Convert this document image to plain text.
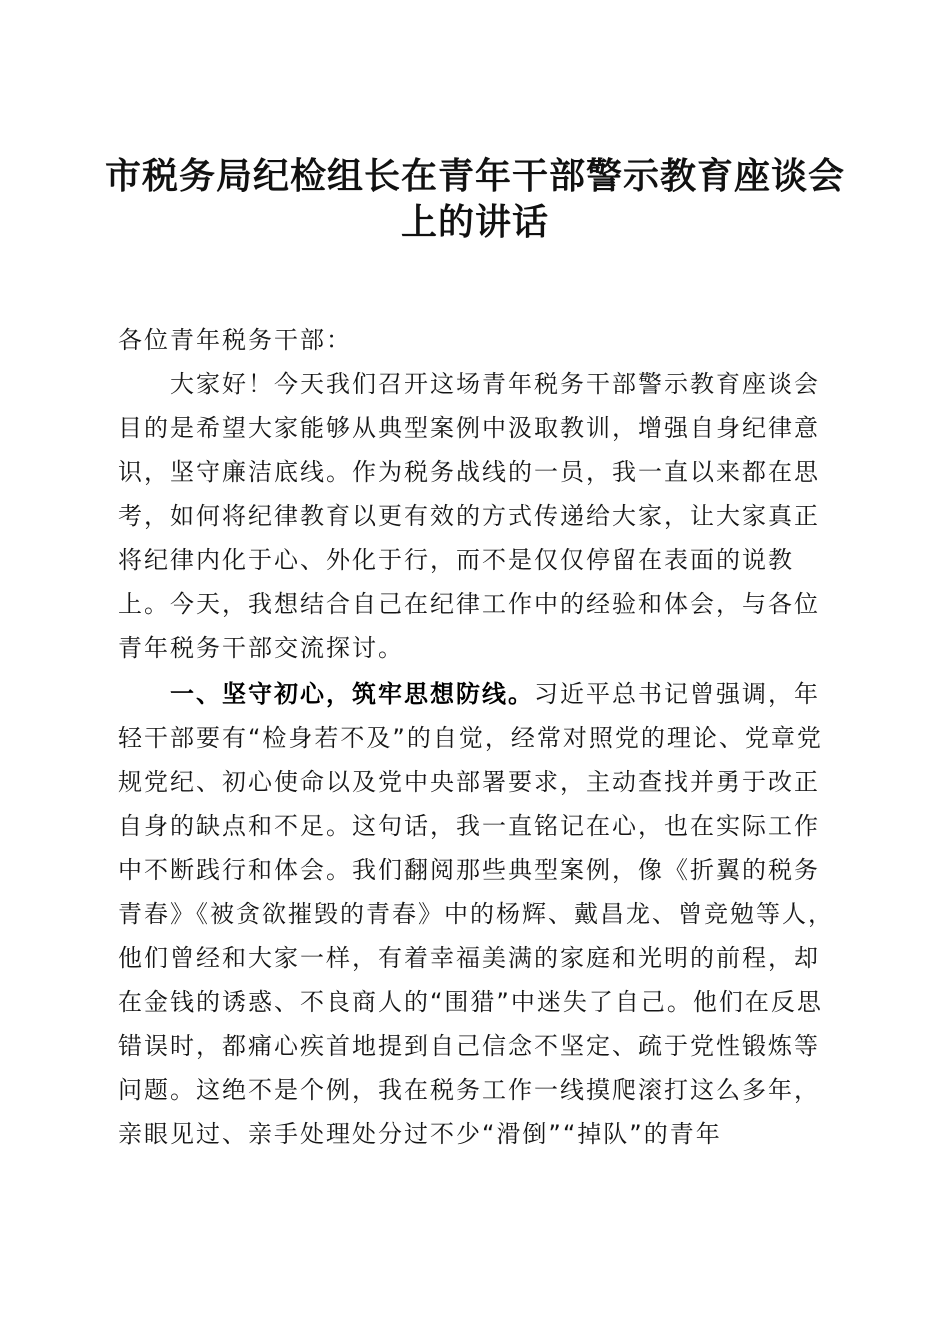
市税务局纪检组长在青年干部警示教育座谈会
上的讲话

各位青年税务干部：

大家好！今天我们召开这场青年税务干部警示教育座谈会目的是希望大家能够从典型案例中汲取教训，增强自身纪律意识，坚守廉洁底线。作为税务战线的一员，我一直以来都在思考，如何将纪律教育以更有效的方式传递给大家，让大家真正将纪律内化于心、外化于行，而不是仅仅停留在表面的说教上。今天，我想结合自己在纪律工作中的经验和体会，与各位青年税务干部交流探讨。

一、坚守初心，筑牢思想防线。习近平总书记曾强调，年轻干部要有“检身若不及”的自觉，经常对照党的理论、党章党规党纪、初心使命以及党中央部署要求，主动查找并勇于改正自身的缺点和不足。这句话，我一直铭记在心，也在实际工作中不断践行和体会。我们翻阅那些典型案例，像《折翼的税务青春》《被贪欲摧毁的青春》中的杨辉、戴昌龙、曾竞勉等人，他们曾经和大家一样，有着幸福美满的家庭和光明的前程，却在金钱的诱惑、不良商人的“围猎”中迷失了自己。他们在反思错误时，都痛心疾首地提到自己信念不坚定、疏于党性锻炼等问题。这绝不是个例，我在税务工作一线摸爬滚打这么多年，亲眼见过、亲手处理处分过不少“滑倒”“掉队”的青年
